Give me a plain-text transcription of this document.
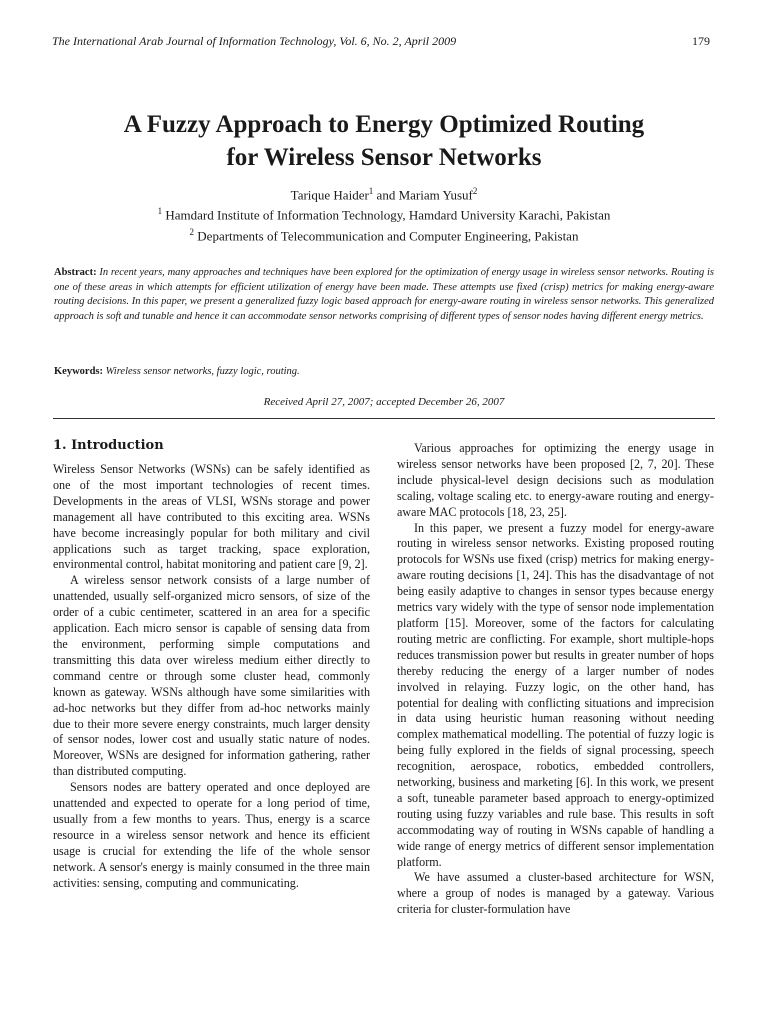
The International Arab Journal of Information Technology, Vol. 6, No. 2, April 2009	179
A Fuzzy Approach to Energy Optimized Routing
for Wireless Sensor Networks
Tarique Haider$^1$ and Mariam Yusuf$^2$
$^1$ Hamdard Institute of Information Technology, Hamdard University Karachi, Pakistan
$^2$ Departments of Telecommunication and Computer Engineering, Pakistan
Abstract: In recent years, many approaches and techniques have been explored for the optimization of energy usage in wireless sensor networks. Routing is one of these areas in which attempts for efficient utilization of energy have been made. These attempts use fixed (crisp) metrics for making energy-aware routing decisions. In this paper, we present a generalized fuzzy logic based approach for energy-aware routing in wireless sensor networks. This generalized approach is soft and tunable and hence it can accommodate sensor networks comprising of different types of sensor nodes having different energy metrics.
Keywords: Wireless sensor networks, fuzzy logic, routing.
Received April 27, 2007; accepted December 26, 2007
1. Introduction

Wireless Sensor Networks (WSNs) can be safely identified as one of the most important technologies of recent times. Developments in the areas of VLSI, WSNs storage and power management all have contributed to this exciting area. WSNs have become increasingly popular for both military and civil applications such as target tracking, space exploration, environmental control, habitat monitoring and patient care [9, 2].

A wireless sensor network consists of a large number of unattended, usually self-organized micro sensors, of size of the order of a cubic centimeter, scattered in an area for a specific application. Each micro sensor is capable of sensing data from the environment, performing simple computations and transmitting this data over wireless medium either directly to command centre or through some cluster head, commonly known as gateway. WSNs although have some similarities with ad-hoc networks but they differ from ad-hoc networks mainly due to their more severe energy constraints, much larger density of sensor nodes, lower cost and usually static nature of nodes. Moreover, WSNs are designed for information gathering, rather than distributed computing.

Sensors nodes are battery operated and once deployed are unattended and expected to operate for a long period of time, usually from a few months to years. Thus, energy is a scarce resource in a wireless sensor network and hence its efficient usage is crucial for extending the life of the whole sensor network. A sensor's energy is mainly consumed in the three main activities: sensing, computing and communicating.

Various approaches for optimizing the energy usage in wireless sensor networks have been proposed [2, 7, 20]. These include physical-level design decisions such as modulation scaling, voltage scaling etc. to energy-aware routing and energy-aware MAC protocols [18, 23, 25].

In this paper, we present a fuzzy model for energy-aware routing in wireless sensor networks. Existing proposed routing protocols for WSNs use fixed (crisp) metrics for making energy-aware routing decisions [1, 24]. This has the disadvantage of not being easily adaptive to changes in sensor types because energy metrics vary widely with the type of sensor node implementation platform [15]. Moreover, some of the factors for calculating routing metric are conflicting. For example, short multiple-hops reduces transmission power but results in greater number of hops thereby reducing the energy of a larger number of nodes involved in relaying. Fuzzy logic, on the other hand, has potential for dealing with conflicting situations and imprecision in data using heuristic human reasoning without needing complex mathematical modelling. The potential of fuzzy logic is being fully explored in the fields of signal processing, speech recognition, aerospace, robotics, embedded controllers, networking, business and marketing [6]. In this work, we present a soft, tuneable parameter based approach to energy-optimized routing using fuzzy variables and rule base. This results in soft accommodating way of routing in WSNs capable of handling a wide range of energy metrics of different sensor implementation platform.

We have assumed a cluster-based architecture for WSN, where a group of nodes is managed by a gateway. Various criteria for cluster-formulation have
